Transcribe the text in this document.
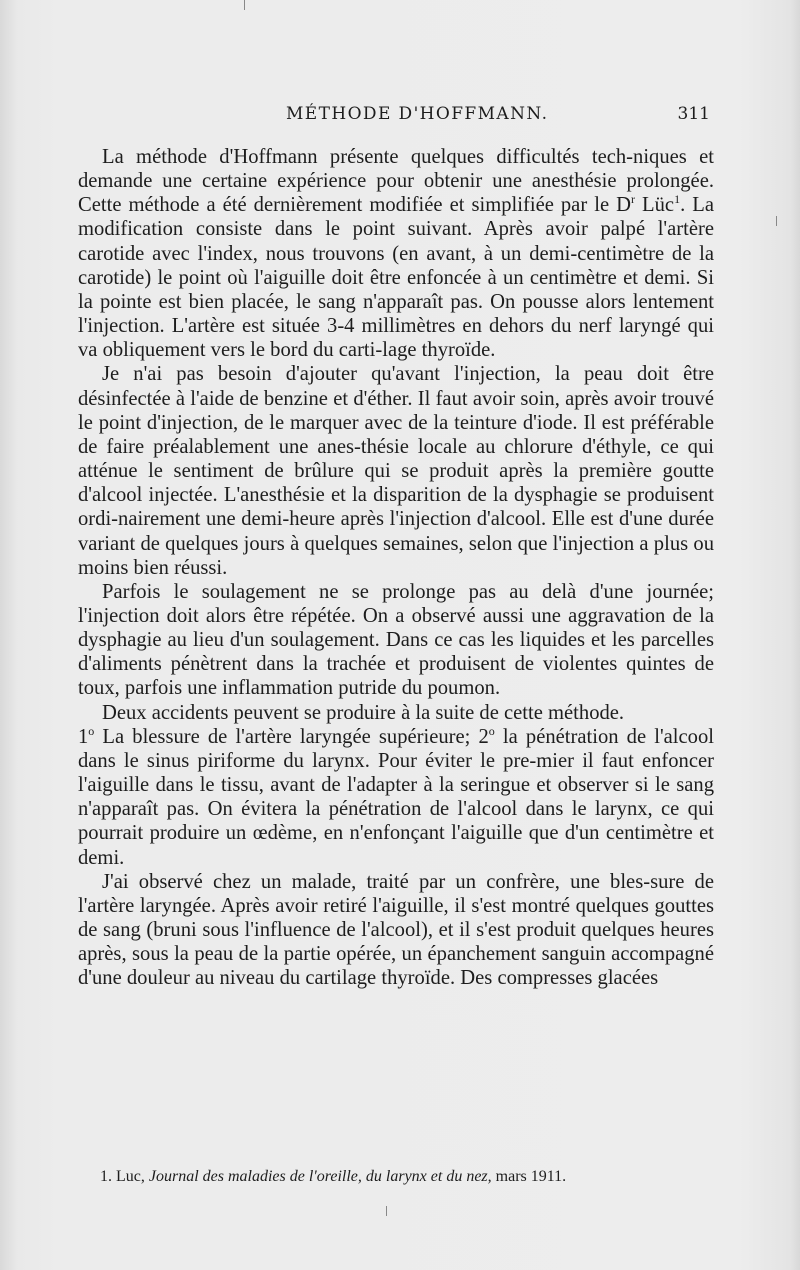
MÉTHODE D'HOFFMANN.	311

La méthode d'Hoffmann présente quelques difficultés tech-niques et demande une certaine expérience pour obtenir une anesthésie prolongée. Cette méthode a été dernièrement modifiée et simplifiée par le $D^r$ Lüc$^1$. La modification consiste dans le point suivant. Après avoir palpé l'artère carotide avec l'index, nous trouvons (en avant, à un demi-centimètre de la carotide) le point où l'aiguille doit être enfoncée à un centimètre et demi. Si la pointe est bien placée, le sang n'apparaît pas. On pousse alors lentement l'injection. L'artère est située 3-4 millimètres en dehors du nerf laryngé qui va obliquement vers le bord du carti-lage thyroïde.

Je n'ai pas besoin d'ajouter qu'avant l'injection, la peau doit être désinfectée à l'aide de benzine et d'éther. Il faut avoir soin, après avoir trouvé le point d'injection, de le marquer avec de la teinture d'iode. Il est préférable de faire préalablement une anes-thésie locale au chlorure d'éthyle, ce qui atténue le sentiment de brûlure qui se produit après la première goutte d'alcool injectée. L'anesthésie et la disparition de la dysphagie se produisent ordi-nairement une demi-heure après l'injection d'alcool. Elle est d'une durée variant de quelques jours à quelques semaines, selon que l'injection a plus ou moins bien réussi.

Parfois le soulagement ne se prolonge pas au delà d'une journée; l'injection doit alors être répétée. On a observé aussi une aggravation de la dysphagie au lieu d'un soulagement. Dans ce cas les liquides et les parcelles d'aliments pénètrent dans la trachée et produisent de violentes quintes de toux, parfois une inflammation putride du poumon.

Deux accidents peuvent se produire à la suite de cette méthode.

1$^o$ La blessure de l'artère laryngée supérieure; 2$^o$ la pénétration de l'alcool dans le sinus piriforme du larynx. Pour éviter le pre-mier il faut enfoncer l'aiguille dans le tissu, avant de l'adapter à la seringue et observer si le sang n'apparaît pas. On évitera la pénétration de l'alcool dans le larynx, ce qui pourrait produire un œdème, en n'enfonçant l'aiguille que d'un centimètre et demi.

J'ai observé chez un malade, traité par un confrère, une bles-sure de l'artère laryngée. Après avoir retiré l'aiguille, il s'est montré quelques gouttes de sang (bruni sous l'influence de l'alcool), et il s'est produit quelques heures après, sous la peau de la partie opérée, un épanchement sanguin accompagné d'une douleur au niveau du cartilage thyroïde. Des compresses glacées

1. Luc, Journal des maladies de l'oreille, du larynx et du nez, mars 1911.
